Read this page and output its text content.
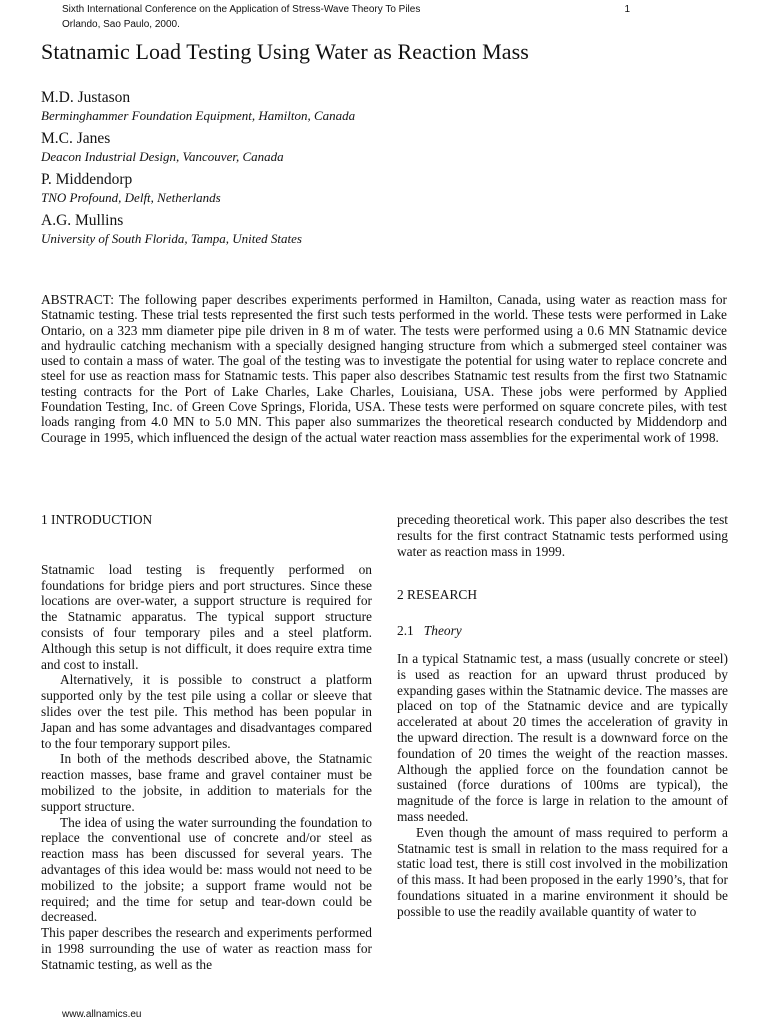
Sixth International Conference on the Application of Stress-Wave Theory To Piles
Orlando, Sao Paulo, 2000.
1
Statnamic Load Testing Using Water as Reaction Mass
M.D. Justason
Berminghammer Foundation Equipment, Hamilton, Canada
M.C. Janes
Deacon Industrial Design, Vancouver, Canada
P. Middendorp
TNO Profound, Delft, Netherlands
A.G. Mullins
University of South Florida, Tampa, United States

ABSTRACT: The following paper describes experiments performed in Hamilton, Canada, using water as reaction mass for Statnamic testing. These trial tests represented the first such tests performed in the world. These tests were performed in Lake Ontario, on a 323 mm diameter pipe pile driven in 8 m of water. The tests were performed using a 0.6 MN Statnamic device and hydraulic catching mechanism with a specially designed hanging structure from which a submerged steel container was used to contain a mass of water. The goal of the testing was to investigate the potential for using water to replace concrete and steel for use as reaction mass for Statnamic tests. This paper also describes Statnamic test results from the first two Statnamic testing contracts for the Port of Lake Charles, Lake Charles, Louisiana, USA. These jobs were performed by Applied Foundation Testing, Inc. of Green Cove Springs, Florida, USA. These tests were performed on square concrete piles, with test loads ranging from 4.0 MN to 5.0 MN. This paper also summarizes the theoretical research conducted by Middendorp and Courage in 1995, which influenced the design of the actual water reaction mass assemblies for the experimental work of 1998.

1 INTRODUCTION

Statnamic load testing is frequently performed on foundations for bridge piers and port structures. Since these locations are over-water, a support structure is required for the Statnamic apparatus. The typical support structure consists of four temporary piles and a steel platform. Although this setup is not difficult, it does require extra time and cost to install.

Alternatively, it is possible to construct a platform supported only by the test pile using a collar or sleeve that slides over the test pile. This method has been popular in Japan and has some advantages and disadvantages compared to the four temporary support piles.

In both of the methods described above, the Statnamic reaction masses, base frame and gravel container must be mobilized to the jobsite, in addition to materials for the support structure.

The idea of using the water surrounding the foundation to replace the conventional use of concrete and/or steel as reaction mass has been discussed for several years. The advantages of this idea would be: mass would not need to be mobilized to the jobsite; a support frame would not be required; and the time for setup and tear-down could be decreased.

This paper describes the research and experiments performed in 1998 surrounding the use of water as reaction mass for Statnamic testing, as well as the

preceding theoretical work. This paper also describes the test results for the first contract Statnamic tests performed using water as reaction mass in 1999.

2 RESEARCH
2.1 Theory

In a typical Statnamic test, a mass (usually concrete or steel) is used as reaction for an upward thrust produced by expanding gases within the Statnamic device. The masses are placed on top of the Statnamic device and are typically accelerated at about 20 times the acceleration of gravity in the upward direction. The result is a downward force on the foundation of 20 times the weight of the reaction masses. Although the applied force on the foundation cannot be sustained (force durations of 100ms are typical), the magnitude of the force is large in relation to the amount of mass needed.

Even though the amount of mass required to perform a Statnamic test is small in relation to the mass required for a static load test, there is still cost involved in the mobilization of this mass. It had been proposed in the early 1990’s, that for foundations situated in a marine environment it should be possible to use the readily available quantity of water to

www.allnamics.eu
